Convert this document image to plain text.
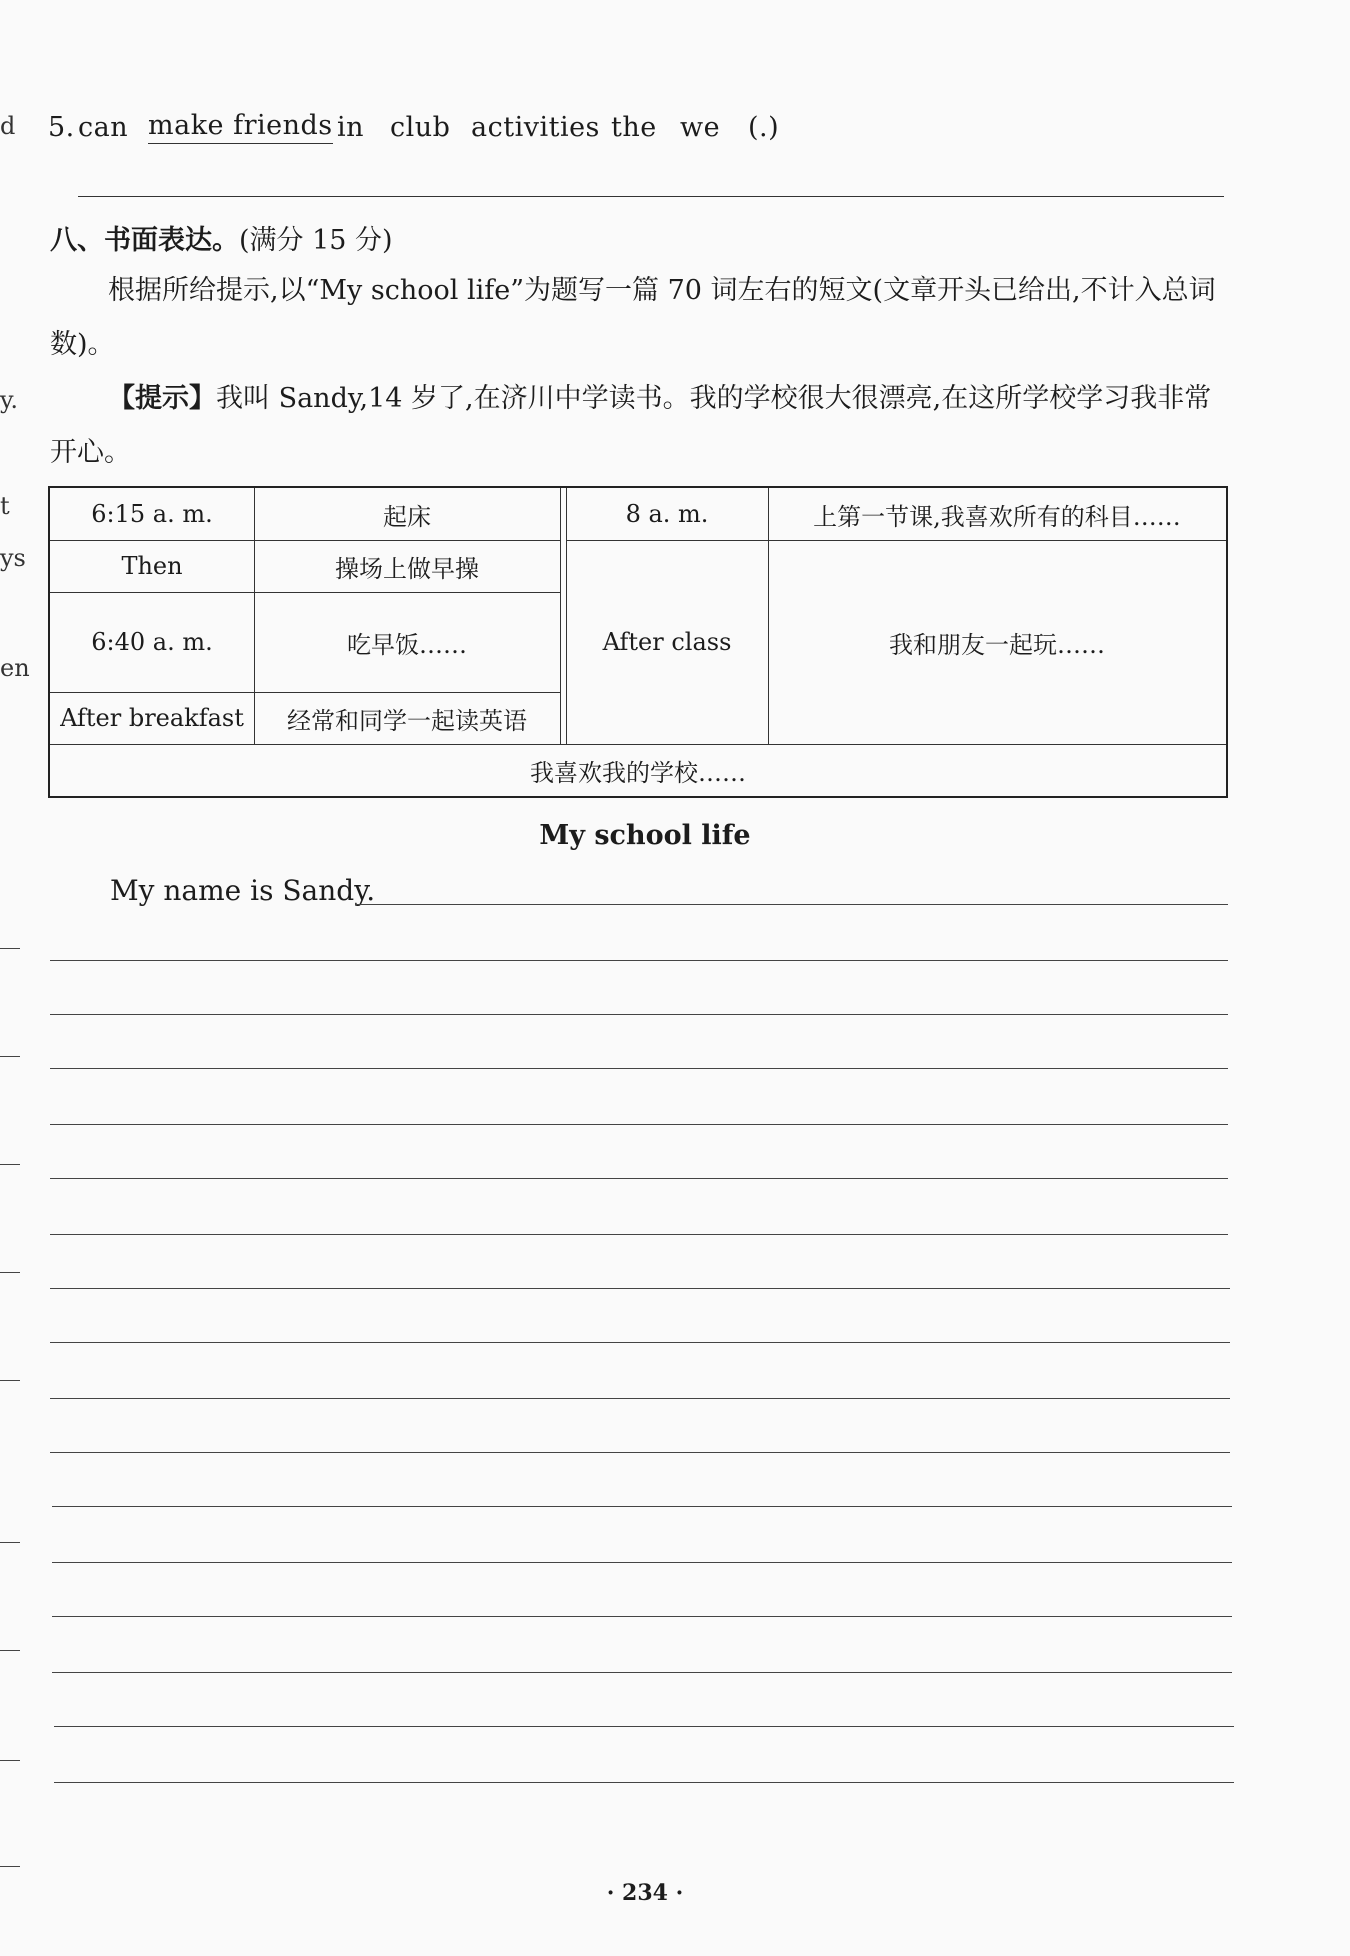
d
y.
t
ys
en
5. can make friends in club activities the we (.)
八、书面表达。(满分 15 分)
根据所给提示,以“My school life”为题写一篇 70 词左右的短文(文章开头已给出,不计入总词数)。
【提示】我叫 Sandy,14 岁了,在济川中学读书。我的学校很大很漂亮,在这所学校学习我非常开心。
6:15 a. m.	起床	8 a. m.	上第一节课,我喜欢所有的科目……
Then	操场上做早操
6:40 a. m.	吃早饭……	After class	我和朋友一起玩……
After breakfast	经常和同学一起读英语
我喜欢我的学校……
My school life
My name is Sandy.
· 234 ·
